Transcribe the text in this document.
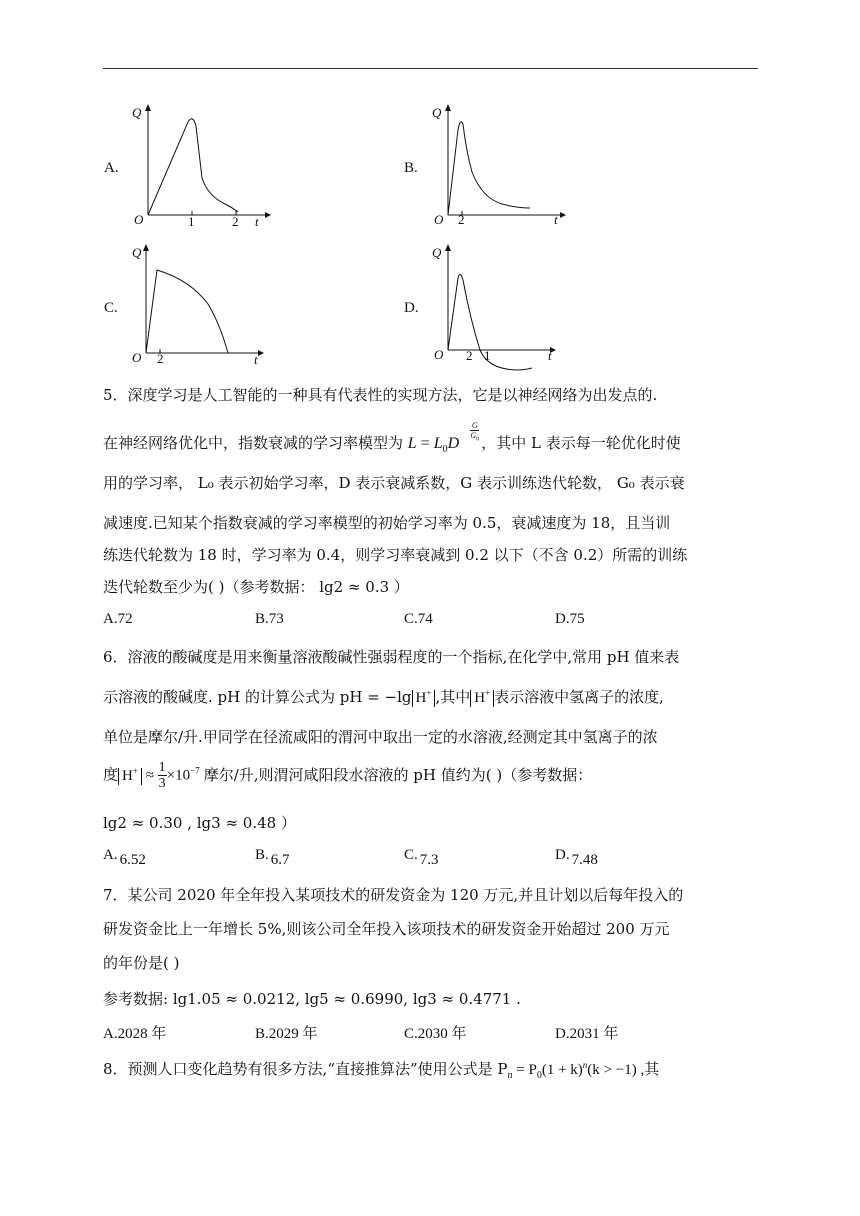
A.
Q
O	1	2 t
B.
Q
O 2	t
C.
Q
O 2	t
D.
Q
O 2 1	t
5．深度学习是人工智能的一种具有代表性的实现方法，它是以神经网络为出发点的.
在神经网络优化中，指数衰减的学习率模型为 $L = L_0D$
G
$G_0$ ，其中 L 表示每一轮优化时使
用的学习率， L₀ 表示初始学习率，D 表示衰减系数，G 表示训练迭代轮数， G₀ 表示衰
减速度.已知某个指数衰减的学习率模型的初始学习率为 0.5，衰减速度为 18，且当训
练迭代轮数为 18 时，学习率为 0.4，则学习率衰减到 0.2 以下（不含 0.2）所需的训练
迭代轮数至少为( )（参考数据： lg2 ≈ 0.3 ）
A.72	B.73	C.74	D.75
6．溶液的酸碱度是用来衡量溶液酸碱性强弱程度的一个指标,在化学中,常用 pH 值来表
示溶液的酸碱度. pH 的计算公式为 pH = −lg H+ ,其中 H+ 表示溶液中氢离子的浓度,
单位是摩尔/升.甲同学在径流咸阳的渭河中取出一定的水溶液,经测定其中氢离子的浓
度 $H^+ \approx \frac{1}{3} \times 10^{-7}$ 摩尔/升,则渭河咸阳段水溶液的 pH 值约为( )（参考数据：
lg2 ≈ 0.30 , lg3 ≈ 0.48 ）
A. 6.52	B. 6.7	C. 7.3	D. 7.48
7．某公司 2020 年全年投入某项技术的研发资金为 120 万元,并且计划以后每年投入的
研发资金比上一年增长 5%,则该公司全年投入该项技术的研发资金开始超过 200 万元
的年份是( )
参考数据: lg1.05 ≈ 0.0212, lg5 ≈ 0.6990, lg3 ≈ 0.4771 .
A.2028 年	B.2029 年	C.2030 年	D.2031 年
8．预测人口变化趋势有很多方法,“直接推算法”使用公式是 $P_n = P_0(1 + k)^n(k > -1)$ ,其
